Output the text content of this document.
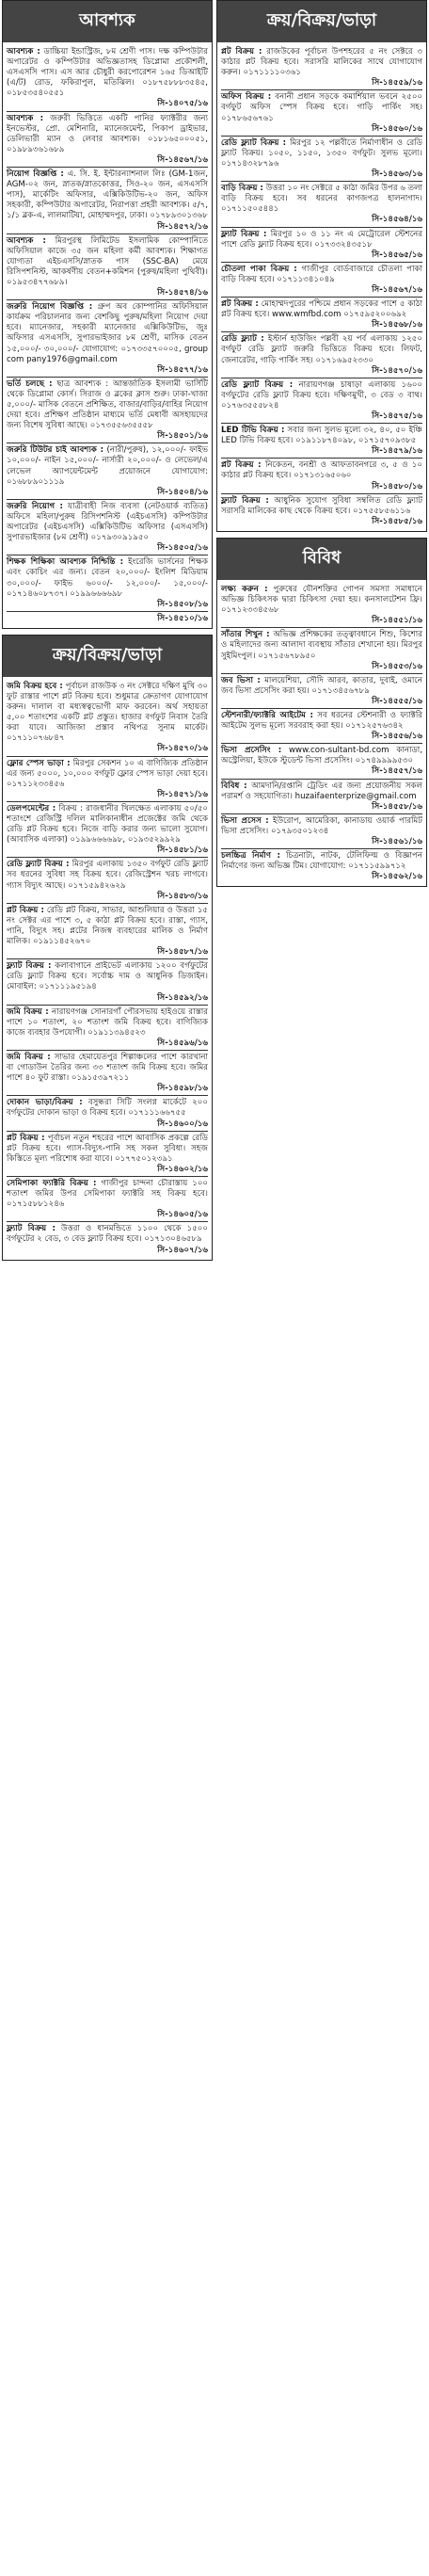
আবশ্যক
আবশ্যক : ডাচ্চিয়া ইন্ডাস্ট্রিজ, ৮ম শ্রেণী পাস। দক্ষ কম্পিউটার অপারেটর ও কম্পিউটার অভিজ্ঞতাসহ ডিপ্লোমা প্রকৌশলী, এসএসসি পাস। এস আর চৌধুরী করপোরেশন ১৬৫ ডিআইটি (এ/ট) রোড, ফকিরাপুল, মতিঝিল। ০১৮৭৫৮৮৮৩৫৪৫, ০১৮৫৩৫৪০৫৫১
সি-১৪০৭৫/১৬
আবশ্যক : জরুরী ভিত্তিতে একটি পানির ফ্যাক্টরীর জন্য ইনভেস্টর, প্রো. মেশিনারি, ম্যানেজমেন্ট, পিকাপ ড্রাইভার, ডেলিভারী ম্যান ও লেবার আবশ্যক। ০১৮১৬৫০০০৫১, ০১৯৮৯৩৬১৬৮৯
সি-১৪৫৬৭/১৬
নিয়োগ বিজ্ঞপ্তি : এ. সি. ই. ইন্টারন্যাশনাল লিঃ (GM-1জন, AGM-০২ জন, স্নাতক/স্নাতকোত্তর, সিও-২০ জন, এসএসসি পাস), মার্কেটিং অফিসার, এক্সিকিউটিভ-২০ জন, অফিস সহকারী, কম্পিউটার অপারেটর, নিরাপত্তা প্রহরী আবশ্যক। ৫/৭, ১/১ ব্লক-এ, লালমাটিয়া, মোহাম্মদপুর, ঢাকা। ০১৭৮৯৩০১৩৬৮
সি-১৪৫৭২/১৬
আবশ্যক : মিরপুরস্থ লিমিটেড ইসলামিক কোম্পানিতে অফিসিয়াল কাজে ৩৫ জন মহিলা কর্মী আবশ্যক। শিক্ষাগত যোগ্যতা এইচএসসি/স্নাতক পাস (SSC-BA) মেয়ে রিসিপশনিস্ট, আকর্ষণীয় বেতন+কমিশন (পুরুষ/মহিলা পুথিবী)। ০১৯৫৩৪৭৭৬৮৯।
সি-১৪৫৭৪/১৬
জরুরি নিয়োগ বিজ্ঞপ্তি : গ্রুপ অব কোম্পানির অফিসিয়াল কার্যক্রম পরিচালনার জন্য বেশকিছু পুরুষ/মহিলা নিয়োগ দেয়া হবে। ম্যানেজার, সহকারী ম্যানেজার এক্সিকিউটিভ, জুঃ অফিসার এসএসসি, সুপারভাইজার ৮ম শ্রেণী, মাসিক বেতন ১৫,০০০/- ৩০,০০০/- যোগাযোগ: ০১৭৩৩৫৭০০০৫, group com pany1976@gmail.com
সি-১৪৫৭৭/১৬
ভর্তি চলছে : ছাত্র আবশ্যক : আন্তর্জাতিক ইসলামী ভার্সিটি থেকে ডিপ্লোমা কোর্স। সিরাজ ও ব্লকের ক্লাস শুরু। ঢাকা-খাজা ৫,০০০/- মাসিক বেতনে প্রশিক্ষিত, বাজার/বাড়ির/বাহির নিয়োগ দেয়া হবে। প্রশিক্ষণ প্রতিষ্ঠান মাধ্যমে ভর্তি মেধাবী অসহায়দের জন্য বিশেষ সুবিধা আছে। ০১৭৩৫৫৬৩৫৫৫৮
সি-১৪৫০১/১৬
জরুরি টিউটর চাই আবশ্যক : (নারী/পুরুষ), ১২,০০০/- ফাইভ ১০,০০০/- নাইন ১৫,০০০/- নার্সারী ২০,০০০/- ও লেভেল/এ লেভেল অ্যাপয়েন্টমেন্ট প্রয়োজনে যোগাযোগ: ০১৬৮৮৯০১১১৯
সি-১৪৫০৪/১৬
জরুরি নিয়োগ : যাত্রীবাহী নিজ ব্যবসা (নেটওয়ার্ক ব্যতিত) অফিসে মহিলা/পুরুষ রিসিপশনিস্ট (এইচএসসি) কম্পিউটার অপারেটর (এইচএসসি) এক্সিকিউটিভ অফিসার (এসএসসি) সুপারভাইজার (৮ম শ্রেণী) ০১৭৯৩০৯১৯৫০
সি-১৪৫০৫/১৬
শিক্ষক শিক্ষিকা আবশ্যক নিশ্চিন্তি : ইংরেজি ভার্সনের শিক্ষক এবং কোচিং এর জন্য। বেতন ২০,০০০/- ইংলিশ মিডিয়াম ৩০,০০০/- ফাইভ ৬০০০/- ১২,০০০/- ১৫,০০০/- ০১৭১৪৬০৮৭৩৭। ০১৯৯৬৬৬৬৯৮
সি-১৪৫০৮/১৬
সি-১৪৫১০/১৬
ক্রয়/বিক্রয়/ভাড়া
জমি বিক্রয় হবে : পূর্বাচল রাজউক ৩ নং সেক্টরে দক্ষিণ মুখি ৩০ ফুট রাস্তার পাশে প্লট বিক্রয় হবে। শুধুমাত্র ক্রেতাগণ যোগাযোগ করুন। দালাল বা মধ্যস্বত্বভোগী মাফ করবেন। অর্থ সহায়তা ৫,০০ শতাংশের একটি প্লট প্রস্তুত। হাজার বর্গফুট নিবাস তৈরি করা যাবে। আজিজা প্রস্তাব নথিপত্র সুনাম মার্কেট। ০১৭১১০৭৬৮৪৭
সি-১৪৫৭০/১৬
ফ্লোর স্পেস ভাড়া : মিরপুর সেকশন ১০ এ বাণিজ্যিক প্রতিষ্ঠান এর জন্য ৫০০০, ১০,০০০ বর্গফুট ফ্লোর স্পেস ভাড়া দেয়া হবে। ০১৭১১২৩৩৪৫৬
সি-১৪৫৭১/১৬
ডেলপমেন্টের : বিক্রয় : রাজধানীর খিলক্ষেত এলাকায় ৫০/৫০ শতাংশে রেজিস্ট্রি দলিল মালিকানাধীন প্রজেক্টের জমি থেকে রেডি প্লট বিক্রয় হবে। নিজে বাড়ি করার জন্য ভালো সুযোগ। (আবাসিক এলাকা) ০১৯৯৬৬৬৬৯৮, ০১৯৩৫২৯৯২৯
সি-১৪৫৮১/১৬
রেডি ফ্ল্যাট বিক্রয় : মিরপুর এলাকায় ১৩৫০ বর্গফুট রেডি ফ্ল্যাট সব ধরনের সুবিধা সহ বিক্রয় হবে। রেজিস্ট্রেশন খরচ লাগবে। গ্যাস বিদ্যুৎ আছে। ০১৭১৫৯৪২৬২৯
সি-১৪৫৮৩/১৬
প্লট বিক্রয় : রেডি প্লট বিক্রয়, সাভার, আশুলিয়ার ও উত্তরা ১৫ নং সেক্টর এর পাশে ৩, ৫ কাঠা প্লট বিক্রয় হবে। রাস্তা, গ্যাস, পানি, বিদ্যুৎ সহ। প্লটের নিজস্ব ব্যবহারের মালিক ও নির্মাণ মালিক। ০১৯১১৪৫২৬৭০
সি-১৪৫৮৭/১৬
ফ্ল্যাট বিক্রয় : কলাবাগানে প্রাইভেট এলাকায় ১২০০ বর্গফুটের রেডি ফ্ল্যাট বিক্রয় হবে। সর্বোচ্চ দাম ও আধুনিক ডিজাইন। মোবাইল: ০১৭১১১৯৫১৯৪
সি-১৪৫৯২/১৬
জমি বিক্রয় : নারায়ণগঞ্জ সোনারগাঁ পৌরসভায় হাইওয়ে রাস্তার পাশে ১০ শতাংশ, ২০ শতাংশ জমি বিক্রয় হবে। বাণিজ্যিক কাজে ব্যবহার উপযোগী। ০১৯১১৩৯৪৫২৩
সি-১৪৫৯৬/১৬
জমি বিক্রয় : সাভার হেমায়েতপুর শিল্পাঞ্চলের পাশে কারখানা বা গোডাউন তৈরির জন্য ৩৩ শতাংশ জমি বিক্রয় হবে। জমির পাশে ৪০ ফুট রাস্তা। ০১৯১৫৩৯৭২১১
সি-১৪৫৯৮/১৬
দোকান ভাড়া/বিক্রয় : বসুন্ধরা সিটি সংলগ্ন মার্কেটে ২০০ বর্গফুটের দোকান ভাড়া ও বিক্রয় হবে। ০১৭১১১৬৬৭৫৫
সি-১৪৬০০/১৬
প্লট বিক্রয় : পূর্বাচল নতুন শহরের পাশে আবাসিক প্রকল্পে রেডি প্লট বিক্রয় হবে। গ্যাস-বিদ্যুৎ-পানি সহ সকল সুবিধা। সহজ কিস্তিতে মূল্য পরিশোধ করা যাবে। ০১৭৭৫০১২৩৯১
সি-১৪৬০২/১৬
সেমিপাকা ফ্যাক্টরি বিক্রয় : গাজীপুর চান্দনা চৌরাস্তায় ১০০ শতাংশ জমির উপর সেমিপাকা ফ্যাক্টরি সহ বিক্রয় হবে। ০১৭১৫৮৮১২৪৬
সি-১৪৬০৫/১৬
ফ্ল্যাট বিক্রয় : উত্তরা ও ধানমন্ডিতে ১১০০ থেকে ১৫০০ বর্গফুটের ২ বেড, ৩ বেড ফ্ল্যাট বিক্রয় হবে। ০১৭১৩০৪৬৫৮৯
সি-১৪৬০৭/১৬
ক্রয়/বিক্রয়/ভাড়া
প্লট বিক্রয় : রাজউকের পূর্বাচল উপশহরের ৫ নং সেক্টরে ৩ কাঠার প্লট বিক্রয় হবে। সরাসরি মালিকের সাথে যোগাযোগ করুন। ০১৭১১১১০৩৬১
সি-১৪৫৫৯/১৬
অফিস বিক্রয় : বনানী প্রধান সড়কে কমার্শিয়াল ভবনে ২৫০০ বর্গফুট অফিস স্পেস বিক্রয় হবে। গাড়ি পার্কিং সহ। ০১৭৮৬৫৬৭৬১
সি-১৪৫৬০/১৬
রেডি ফ্ল্যাট বিক্রয় : মিরপুর ১২ পল্লবীতে নির্মাণাধীন ও রেডি ফ্ল্যাট বিক্রয়। ১০৫০, ১১৫০, ১৩৫০ বর্গফুট। সুলভ মূল্যে। ০১৭১৪৩২৮৭৯৬
সি-১৪৫৬৩/১৬
বাড়ি বিক্রয় : উত্তরা ১০ নং সেক্টরে ৫ কাঠা জমির উপর ৬ তলা বাড়ি বিক্রয় হবে। সব ধরনের কাগজপত্র হালনাগাদ। ০১৭১১৫০৫৪৪১
সি-১৪৫৬৪/১৬
ফ্ল্যাট বিক্রয় : মিরপুর ১০ ও ১১ নং এ মেট্রোরেল স্টেশনের পাশে রেডি ফ্ল্যাট বিক্রয় হবে। ০১৭৩৩২৪৩৫১৮
সি-১৪৫৬৫/১৬
চৌতলা পাকা বিক্রয় : গাজীপুর বোর্ডবাজারে চৌতলা পাকা বাড়ি বিক্রয় হবে। ০১৭১১৩৪১০৪৯
সি-১৪৫৬৭/১৬
প্লট বিক্রয় : মোহাম্মদপুরের পশ্চিমে প্রধান সড়কের পাশে ৫ কাঠা প্লট বিক্রয় হবে। www.wmfbd.com ০১৭৫৯৫২০০৬৯২
সি-১৪৫৬৮/১৬
রেডি ফ্ল্যাট : ইস্টার্ন হাউজিং পল্লবী ২য় পর্ব এলাকায় ১২৫০ বর্গফুট রেডি ফ্ল্যাট জরুরি ভিত্তিতে বিক্রয় হবে। লিফট, জেনারেটর, গাড়ি পার্কিং সহ। ০১৭১৬৯৫২৩৩০
সি-১৪৫৭০/১৬
রেডি ফ্ল্যাট বিক্রয় : নারায়ণগঞ্জ চাষাড়া এলাকায় ১৬০০ বর্গফুটের রেডি ফ্ল্যাট বিক্রয় হবে। দক্ষিণমুখী, ৩ বেড ৩ বাথ। ০১৭৬৩৫৫৫৮২৪
সি-১৪৫৭৫/১৬
LED টিভি বিক্রয় : সবার জন্য সুলভ মূল্যে ৩২, ৪০, ৫০ ইঞ্চি LED টিভি বিক্রয় হবে। ০১৯১১৮৭৪০৯৮, ০১৭১৫৭০৯৩৮৫
সি-১৪৫৭৯/১৬
প্লট বিক্রয় : নিকেতন, বনশ্রী ও আফতাবনগরে ৩, ৫ ও ১০ কাঠার প্লট বিক্রয় হবে। ০১৭১৩১৬৫০৬০
সি-১৪৫৮০/১৬
ফ্ল্যাট বিক্রয় : আধুনিক সুযোগ সুবিধা সম্বলিত রেডি ফ্ল্যাট সরাসরি মালিকের কাছ থেকে বিক্রয় হবে। ০১৭৫৫৮৫৬১১৬
সি-১৪৫৮৫/১৬
বিবিধ
লক্ষ্য করুন : পুরুষের যৌনশক্তির গোপন সমস্যা সমাধানে অভিজ্ঞ চিকিৎসক দ্বারা চিকিৎসা দেয়া হয়। কনসালটেশন ফ্রি। ০১৭১২৩৩৪৫৬৮
সি-১৪৫৫১/১৬
সাঁতার শিখুন : অভিজ্ঞ প্রশিক্ষকের তত্ত্বাবধানে শিশু, কিশোর ও মহিলাদের জন্য আলাদা ব্যবস্থায় সাঁতার শেখানো হয়। মিরপুর সুইমিংপুল। ০১৭১৫৬৭৮৯৫০
সি-১৪৫৫৩/১৬
জব ভিসা : মালয়েশিয়া, সৌদি আরব, কাতার, দুবাই, ওমানে জব ভিসা প্রসেসিং করা হয়। ০১৭১৩৪৫৬৭৮৯
সি-১৪৫৫৫/১৬
স্টেশনারী/ফ্যাক্টরি আইটেম : সব ধরনের স্টেশনারী ও ফ্যাক্টরি আইটেম সুলভ মূল্যে সরবরাহ করা হয়। ০১৭১২৫৭৬৩৪২
সি-১৪৫৫৬/১৬
ভিসা প্রসেসিং : www.con-sultant-bd.com কানাডা, অস্ট্রেলিয়া, ইউকে স্টুডেন্ট ভিসা প্রসেসিং। ০১৭৪৯৯৯৯৫৩০
সি-১৪৫৫৭/১৬
বিবিধ : আমদানি/রপ্তানি ট্রেডিং এর জন্য প্রয়োজনীয় সকল পরামর্শ ও সহযোগিতা। huzaifaenterprize@gmail.com
সি-১৪৫৫৮/১৬
ভিসা প্রসেস : ইউরোপ, আমেরিকা, কানাডায় ওয়ার্ক পারমিট ভিসা প্রসেসিং। ০১৭৯৩৫০১২৩৪
সি-১৪৫৬১/১৬
চলচ্চিত্র নির্মাণ : চিত্রনাট্য, নাটক, টেলিফিল্ম ও বিজ্ঞাপন নির্মাণের জন্য অভিজ্ঞ টিম। যোগাযোগ: ০১৭১১৫৯৯৭১২
সি-১৪৫৬২/১৬
